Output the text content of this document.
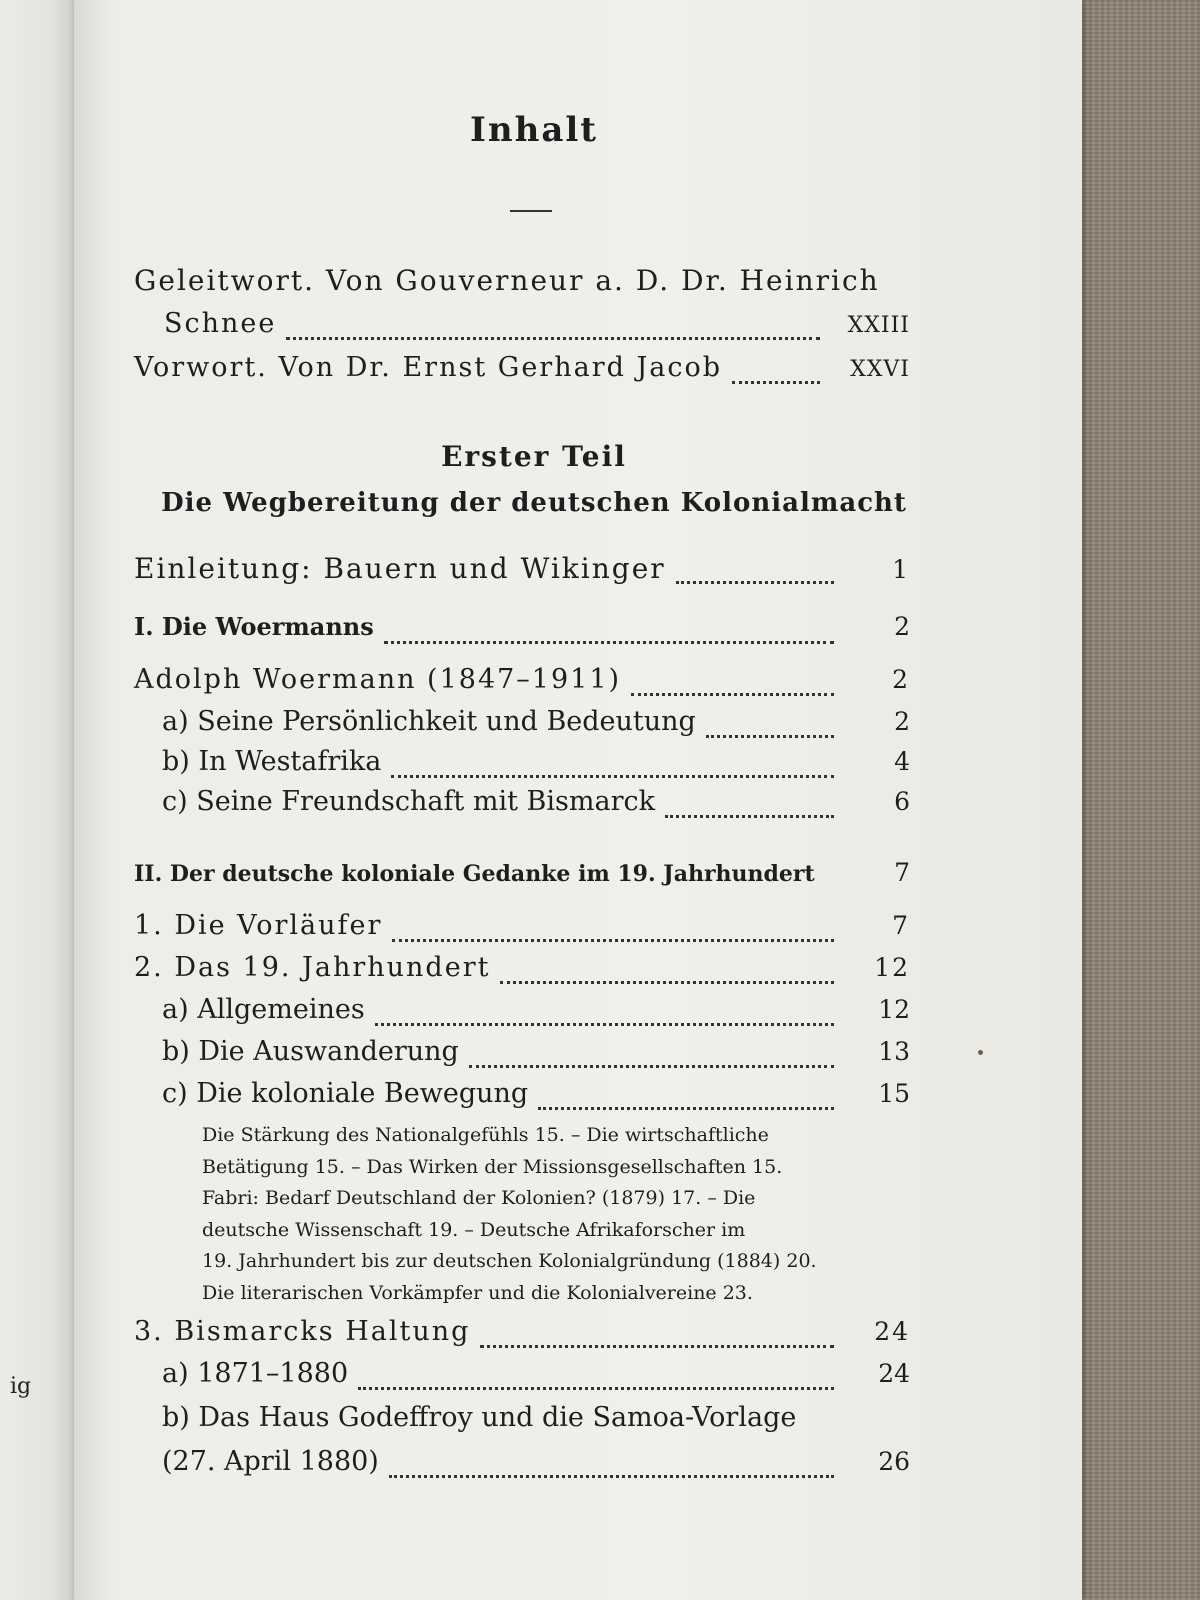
ig
Inhalt
Geleitwort. Von Gouverneur a. D. Dr. Heinrich
Schnee	XXIII
Vorwort. Von Dr. Ernst Gerhard Jacob	XXVI
Erster Teil
Die Wegbereitung der deutschen Kolonialmacht
Einleitung: Bauern und Wikinger	1
I. Die Woermanns	2
Adolph Woermann (1847–1911)	2
a) Seine Persönlichkeit und Bedeutung	2
b) In Westafrika	4
c) Seine Freundschaft mit Bismarck	6
II. Der deutsche koloniale Gedanke im 19. Jahrhundert	7
1. Die Vorläufer	7
2. Das 19. Jahrhundert	12
a) Allgemeines	12
b) Die Auswanderung	13
c) Die koloniale Bewegung	15
Die Stärkung des Nationalgefühls 15. – Die wirtschaftliche
Betätigung 15. – Das Wirken der Missionsgesellschaften 15.
Fabri: Bedarf Deutschland der Kolonien? (1879) 17. – Die
deutsche Wissenschaft 19. – Deutsche Afrikaforscher im
19. Jahrhundert bis zur deutschen Kolonialgründung (1884) 20.
Die literarischen Vorkämpfer und die Kolonialvereine 23.
3. Bismarcks Haltung	24
a) 1871–1880	24
b) Das Haus Godeffroy und die Samoa-Vorlage
(27. April 1880)	26
